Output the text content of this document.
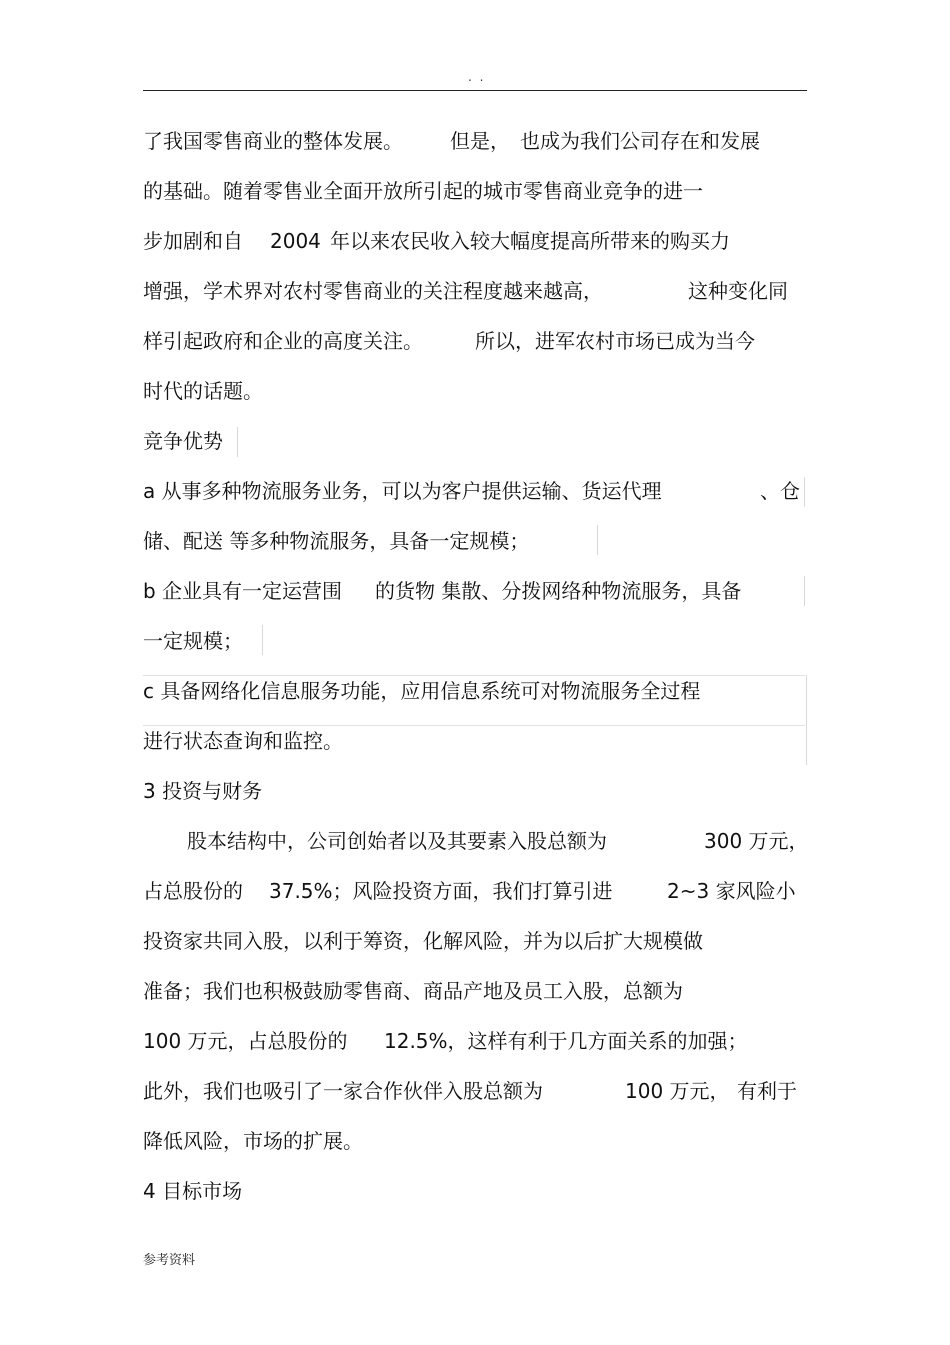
. .
了我国零售商业的整体发展。 但是， 也成为我们公司存在和发展
的基础。随着零售业全面开放所引起的城市零售商业竞争的进一
步加剧和自 2004 年以来农民收入较大幅度提高所带来的购买力
增强，学术界对农村零售商业的关注程度越来越高，	这种变化同
样引起政府和企业的高度关注。	所以，进军农村市场已成为当今
时代的话题。
竞争优势
a 从事多种物流服务业务，可以为客户提供运输、货运代理	、仓
储、配送 等多种物流服务，具备一定规模；
b 企业具有一定运营围 的货物 集散、分拨网络种物流服务，具备
一定规模；
c 具备网络化信息服务功能，应用信息系统可对物流服务全过程
进行状态查询和监控。
3 投资与财务
股本结构中，公司创始者以及其要素入股总额为	300 万元，
占总股份的 37.5%；风险投资方面，我们打算引进	2~3 家风险小
投资家共同入股，以利于筹资，化解风险，并为以后扩大规模做
准备；我们也积极鼓励零售商、商品产地及员工入股，总额为
100 万元，占总股份的 12.5%，这样有利于几方面关系的加强；
此外，我们也吸引了一家合作伙伴入股总额为	100 万元， 有利于
降低风险，市场的扩展。
4 目标市场
参考资料
